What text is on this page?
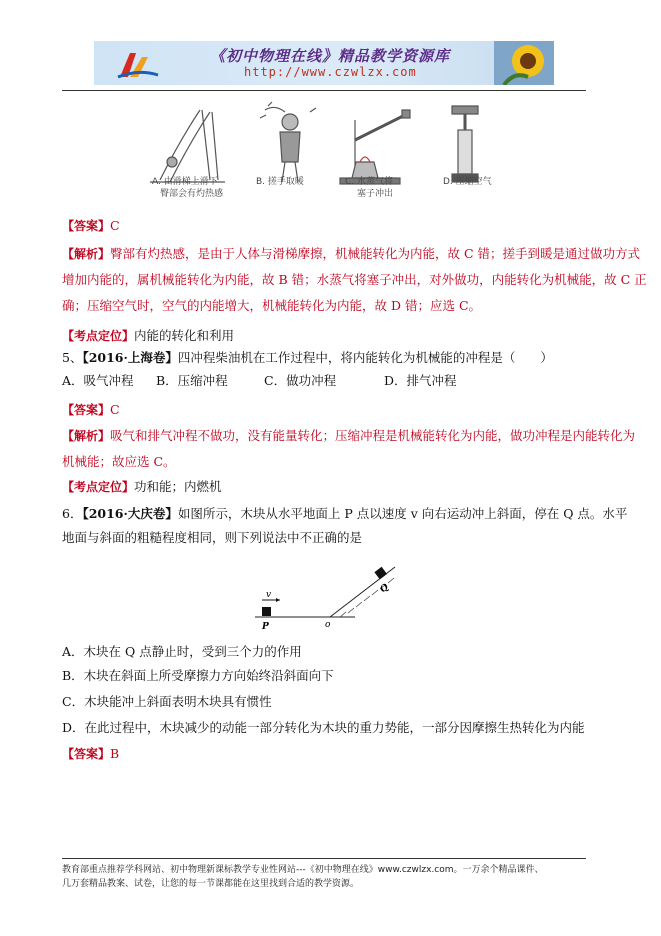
《初中物理在线》精品教学资源库
http://www.czwlzx.com
A. 由滑梯上滑下
臀部会有灼热感
B. 搓手取暖	C. 水蒸气将
塞子冲出
D. 压缩空气
【答案】C
【解析】臀部有灼热感，是由于人体与滑梯摩擦，机械能转化为内能，故 C 错；搓手到暖是通过做功方式
增加内能的，属机械能转化为内能，故 B 错；水蒸气将塞子冲出，对外做功，内能转化为机械能，故 C 正
确；压缩空气时，空气的内能增大，机械能转化为内能，故 D 错；应选 C。
【考点定位】内能的转化和利用
5、【2016·上海卷】四冲程柴油机在工作过程中，将内能转化为机械能的冲程是（　　）
A．吸气冲程 B．压缩冲程	C．做功冲程	D．排气冲程
【答案】C
【解析】吸气和排气冲程不做功，没有能量转化；压缩冲程是机械能转化为内能，做功冲程是内能转化为
机械能；故应选 C。
【考点定位】功和能；内燃机
6．【2016·大庆卷】如图所示，木块从水平地面上 P 点以速度 v 向右运动冲上斜面，停在 Q 点。水平
地面与斜面的粗糙程度相同，则下列说法中不正确的是
v
P	o
Q
A．木块在 Q 点静止时，受到三个力的作用
B．木块在斜面上所受摩擦力方向始终沿斜面向下
C．木块能冲上斜面表明木块具有惯性
D．在此过程中，木块减少的动能一部分转化为木块的重力势能，一部分因摩擦生热转化为内能
【答案】B
教育部重点推荐学科网站、初中物理新课标教学专业性网站---《初中物理在线》www.czwlzx.com。一万余个精品课件、
几万套精品教案、试卷，让您的每一节课都能在这里找到合适的教学资源。
